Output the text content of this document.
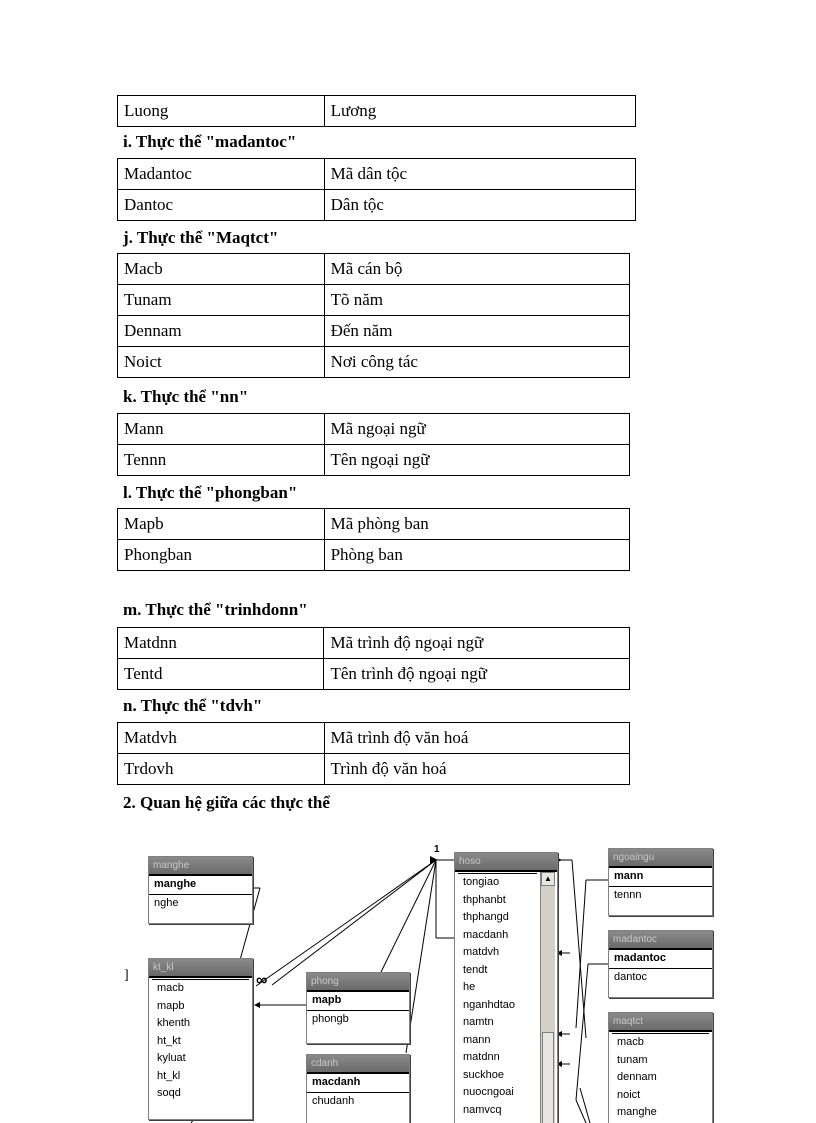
Luong	Lương
i. Thực thể "madantoc"
Madantoc	Mã dân tộc
Dantoc	Dân tộc
j. Thực thể "Maqtct"
Macb	Mã cán bộ
Tunam	Tõ năm
Dennam	Đến năm
Noict	Nơi công tác
k. Thực thể "nn"
Mann	Mã ngoại ngữ
Tennn	Tên ngoại ngữ
l. Thực thể "phongban"
Mapb	Mã phòng ban
Phongban	Phòng ban
m. Thực thể "trinhdonn"
Matdnn	Mã trình độ ngoại ngữ
Tentd	Tên trình độ ngoại ngữ
n. Thực thể "tdvh"
Matdvh	Mã trình độ văn hoá
Trdovh	Trình độ văn hoá
2. Quan hệ giữa các thực thể
]
1
∞
manghe
manghe
nghe
kt_kl
macb
mapb
khenth
ht_kt
kyluat
ht_kl
soqd
phong
mapb
phongb
cdanh
macdanh
chudanh
hoso
tongiao
thphanbt
thphangd
macdanh
matdvh
tendt
he
nganhdtao
namtn
mann
matdnn
suckhoe
nuocngoai
namvcq
▲
ngoaingu
mann
tennn
madantoc
madantoc
dantoc
maqtct
macb
tunam
dennam
noict
manghe
